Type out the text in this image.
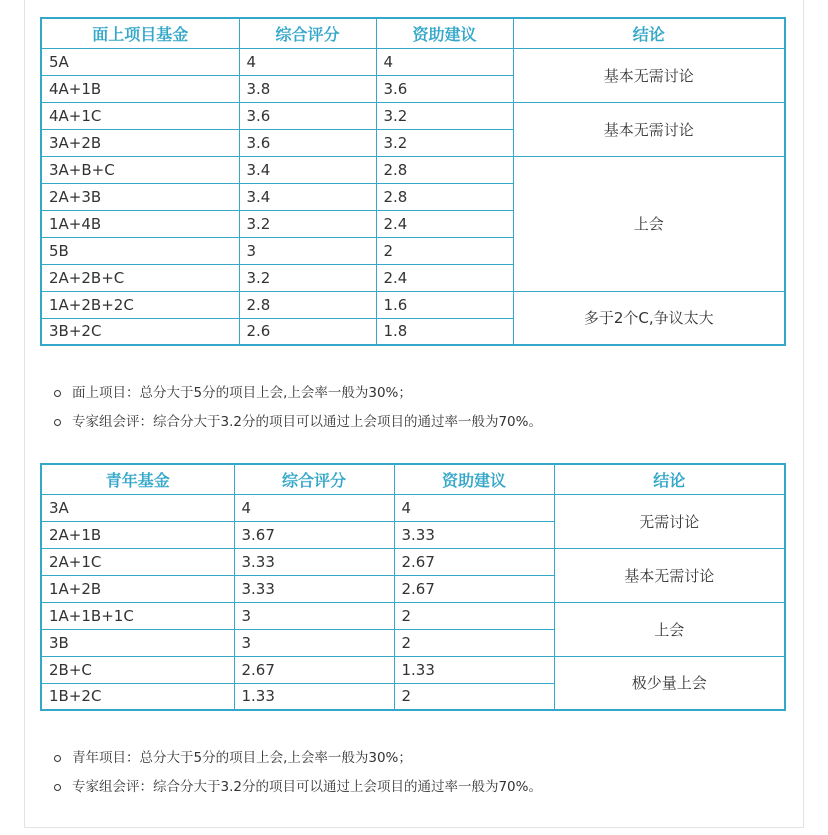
面上项目基金	综合评分	资助建议	结论
5A	4	4	基本无需讨论
4A+1B	3.8	3.6	
4A+1C	3.6	3.2	基本无需讨论
3A+2B	3.6	3.2	
3A+B+C	3.4	2.8	上会
2A+3B	3.4	2.8	
1A+4B	3.2	2.4	
5B	3	2	
2A+2B+C	3.2	2.4	
1A+2B+2C	2.8	1.6	多于2个C,争议太大
3B+2C	2.6	1.8	
面上项目：总分大于5分的项目上会,上会率一般为30%；
专家组会评：综合分大于3.2分的项目可以通过上会项目的通过率一般为70%。
青年基金	综合评分	资助建议	结论
3A	4	4	无需讨论
2A+1B	3.67	3.33	
2A+1C	3.33	2.67	基本无需讨论
1A+2B	3.33	2.67	
1A+1B+1C	3	2	上会
3B	3	2	
2B+C	2.67	1.33	极少量上会
1B+2C	1.33	2	
青年项目：总分大于5分的项目上会,上会率一般为30%；
专家组会评：综合分大于3.2分的项目可以通过上会项目的通过率一般为70%。
